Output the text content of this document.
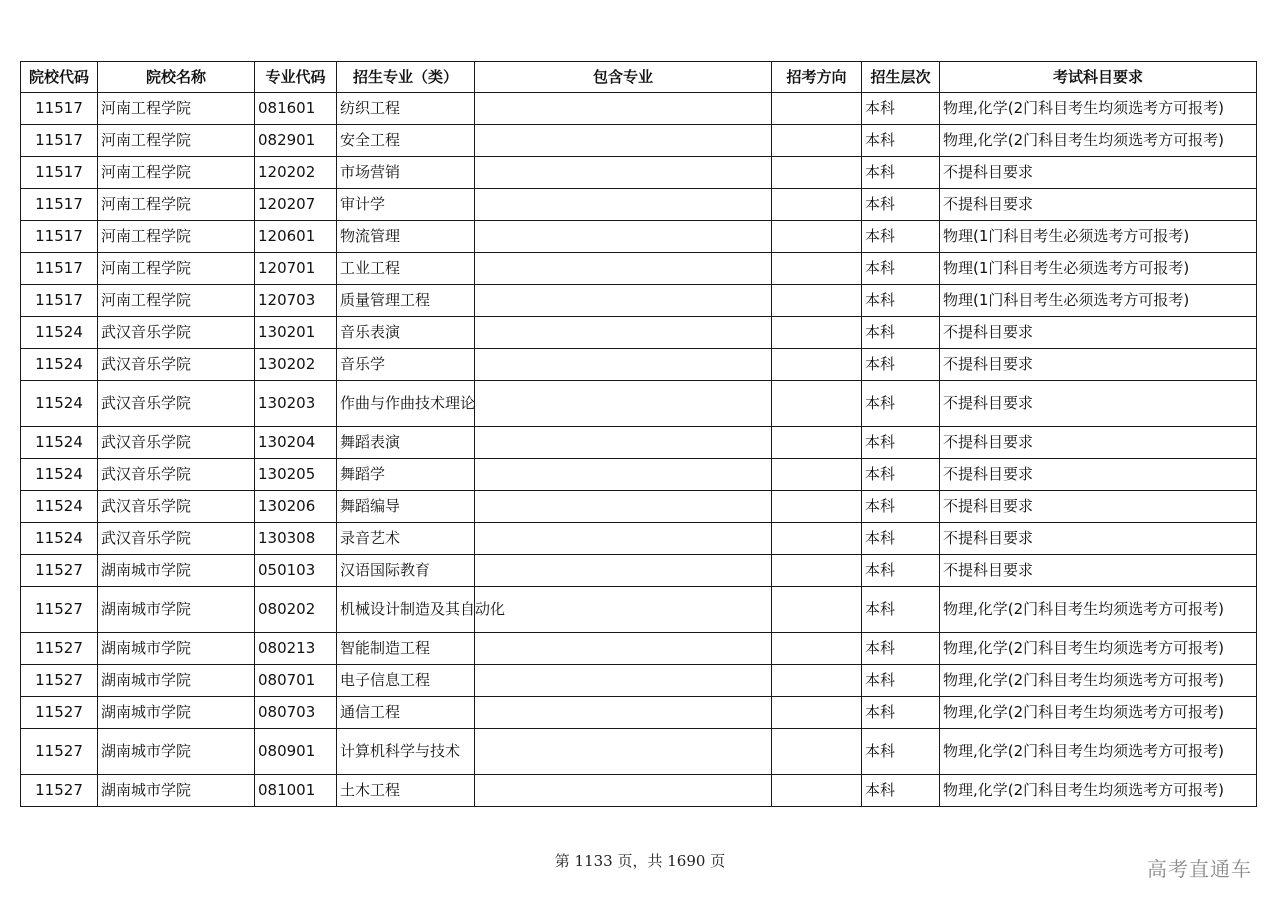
院校代码	院校名称	专业代码	招生专业（类）	包含专业	招考方向	招生层次	考试科目要求
11517	河南工程学院	081601	纺织工程			本科	物理,化学(2门科目考生均须选考方可报考)
11517	河南工程学院	082901	安全工程			本科	物理,化学(2门科目考生均须选考方可报考)
11517	河南工程学院	120202	市场营销			本科	不提科目要求
11517	河南工程学院	120207	审计学			本科	不提科目要求
11517	河南工程学院	120601	物流管理			本科	物理(1门科目考生必须选考方可报考)
11517	河南工程学院	120701	工业工程			本科	物理(1门科目考生必须选考方可报考)
11517	河南工程学院	120703	质量管理工程			本科	物理(1门科目考生必须选考方可报考)
11524	武汉音乐学院	130201	音乐表演			本科	不提科目要求
11524	武汉音乐学院	130202	音乐学			本科	不提科目要求
11524	武汉音乐学院	130203	作曲与作曲技术理论			本科	不提科目要求
11524	武汉音乐学院	130204	舞蹈表演			本科	不提科目要求
11524	武汉音乐学院	130205	舞蹈学			本科	不提科目要求
11524	武汉音乐学院	130206	舞蹈编导			本科	不提科目要求
11524	武汉音乐学院	130308	录音艺术			本科	不提科目要求
11527	湖南城市学院	050103	汉语国际教育			本科	不提科目要求
11527	湖南城市学院	080202	机械设计制造及其自动化			本科	物理,化学(2门科目考生均须选考方可报考)
11527	湖南城市学院	080213	智能制造工程			本科	物理,化学(2门科目考生均须选考方可报考)
11527	湖南城市学院	080701	电子信息工程			本科	物理,化学(2门科目考生均须选考方可报考)
11527	湖南城市学院	080703	通信工程			本科	物理,化学(2门科目考生均须选考方可报考)
11527	湖南城市学院	080901	计算机科学与技术			本科	物理,化学(2门科目考生均须选考方可报考)
11527	湖南城市学院	081001	土木工程			本科	物理,化学(2门科目考生均须选考方可报考)
第 1133 页，共 1690 页	高考直通车
